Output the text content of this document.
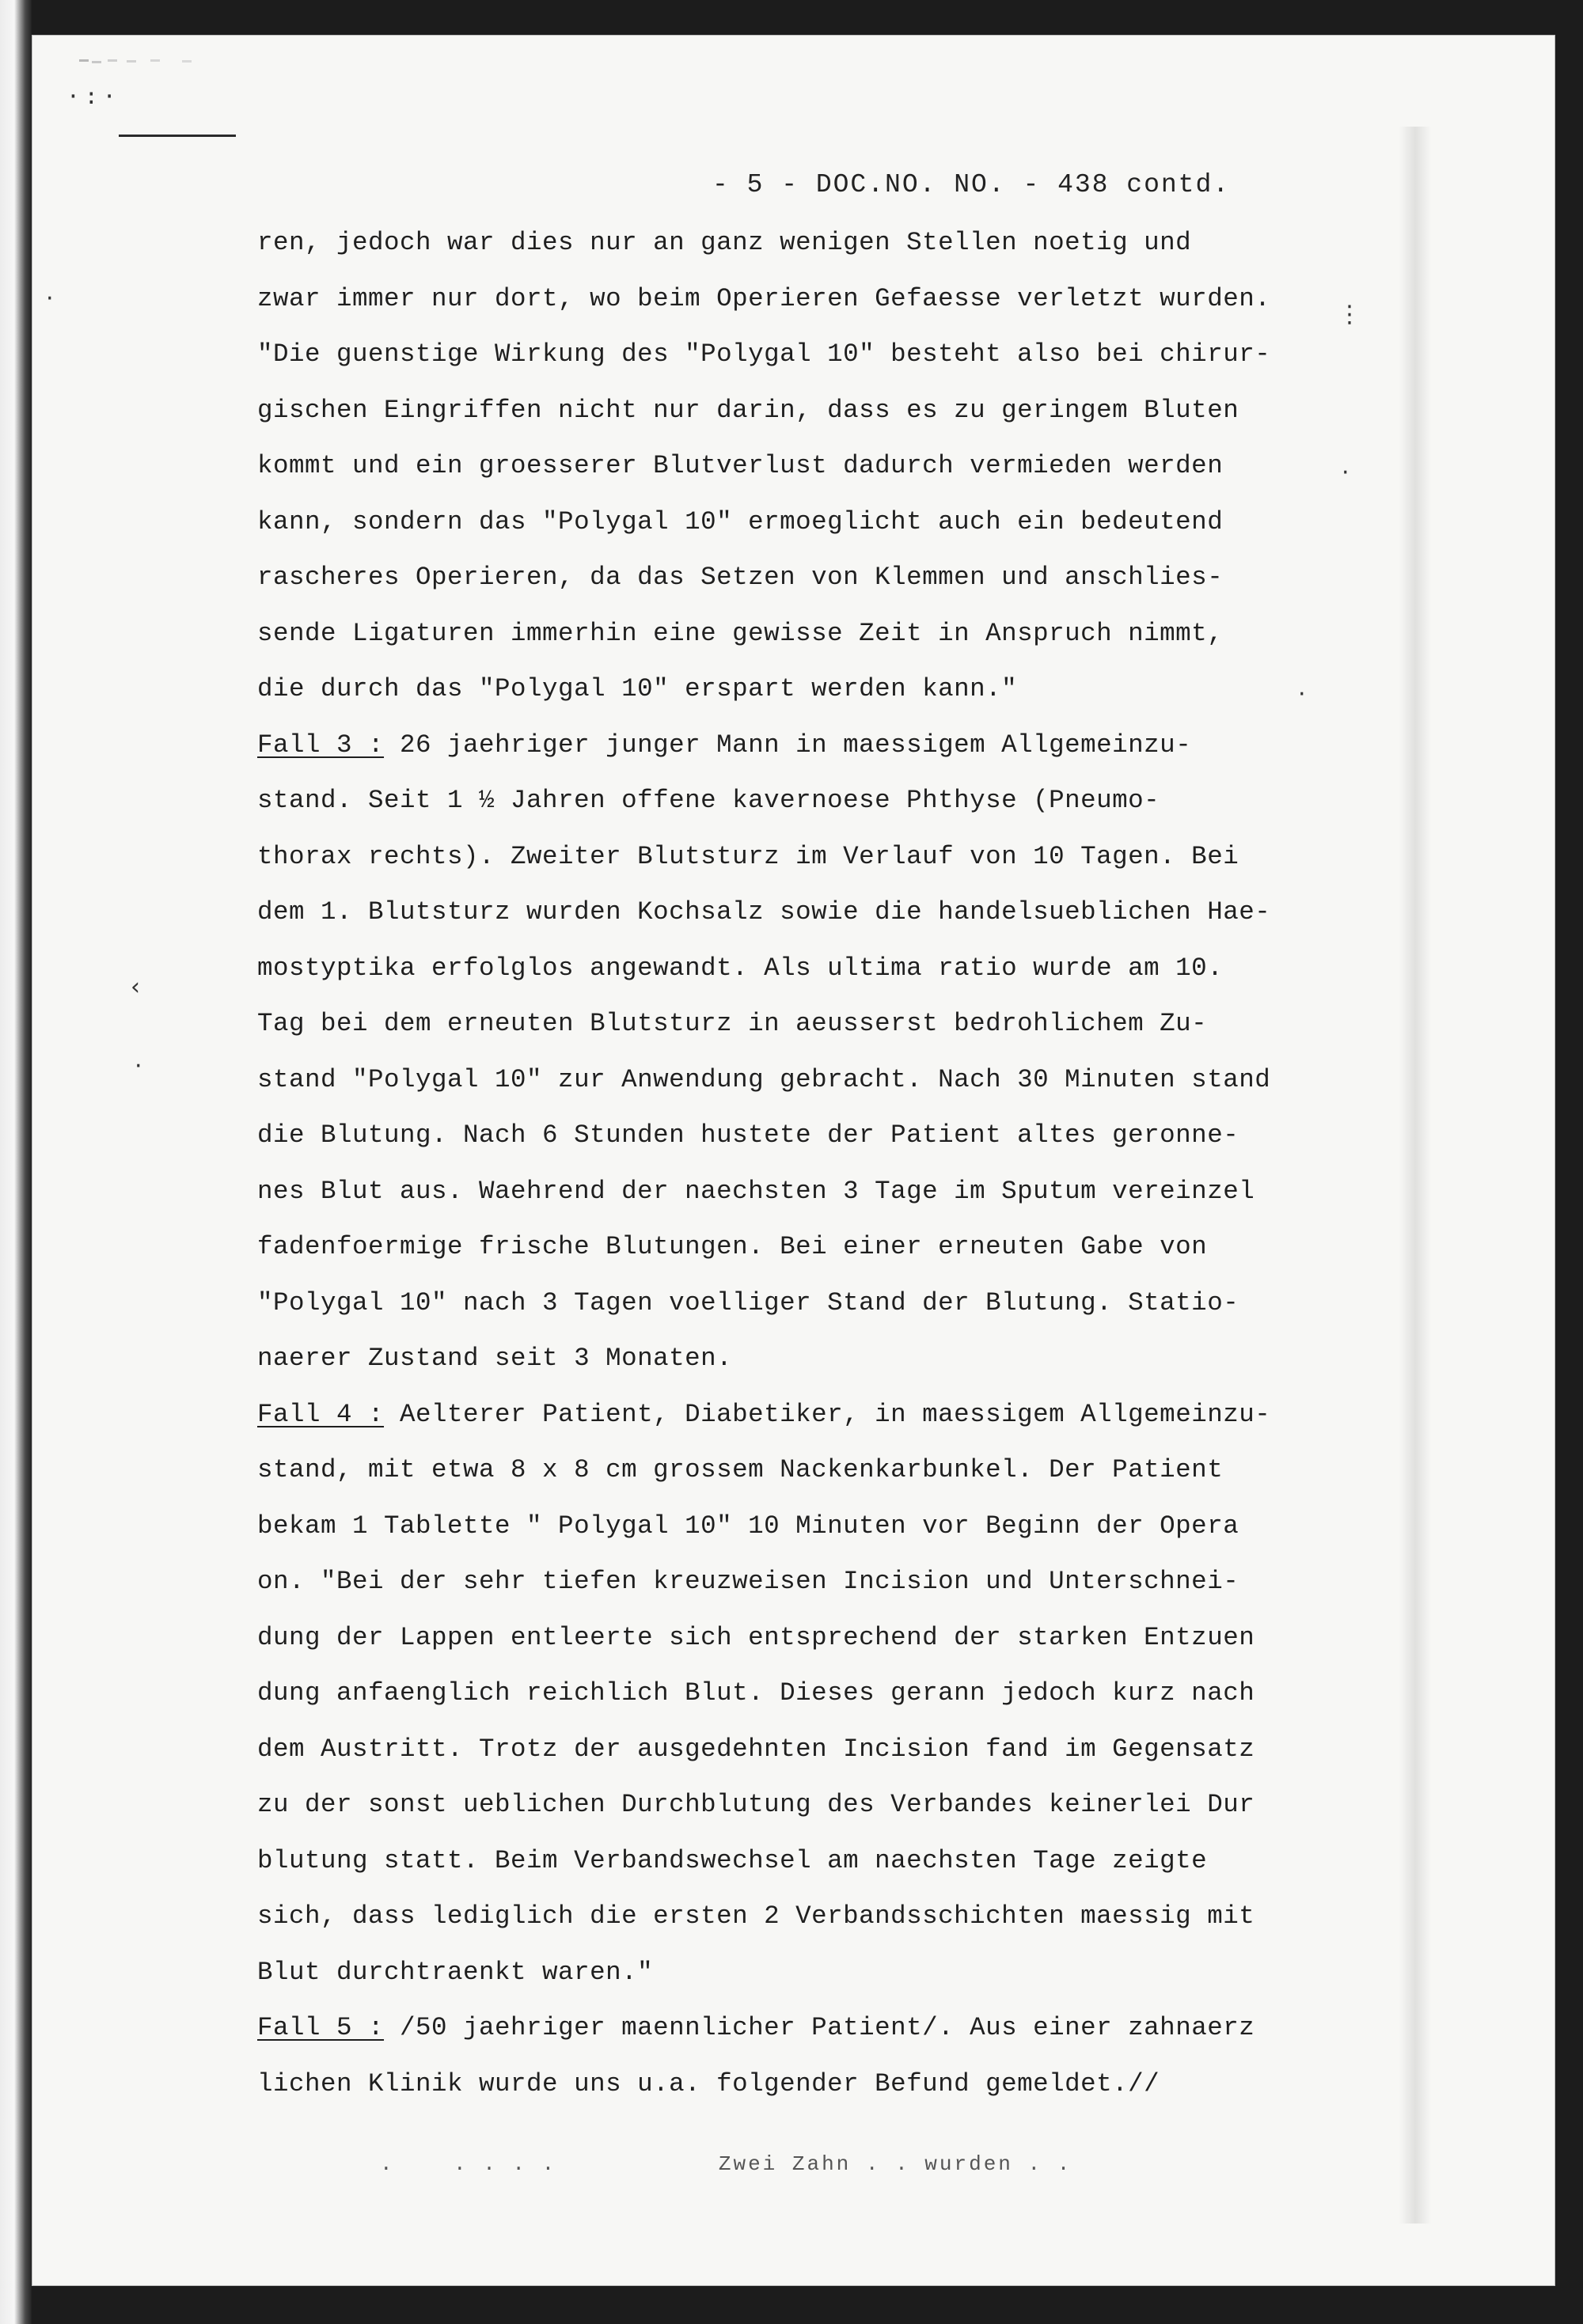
·:·
- 5 - DOC.NO. NO. - 438 contd.
ren, jedoch war dies nur an ganz wenigen Stellen noetig und
zwar immer nur dort, wo beim Operieren Gefaesse verletzt wurden.
"Die guenstige Wirkung des "Polygal 10" besteht also bei chirur-
gischen Eingriffen nicht nur darin, dass es zu geringem Bluten
kommt und ein groesserer Blutverlust dadurch vermieden werden
kann, sondern das "Polygal 10" ermoeglicht auch ein bedeutend
rascheres Operieren, da das Setzen von Klemmen und anschlies-
sende Ligaturen immerhin eine gewisse Zeit in Anspruch nimmt,
die durch das "Polygal 10" erspart werden kann."
Fall 3 : 26 jaehriger junger Mann in maessigem Allgemeinzu-
stand. Seit 1 ½ Jahren offene kavernoese Phthyse (Pneumo-
thorax rechts). Zweiter Blutsturz im Verlauf von 10 Tagen. Bei
dem 1. Blutsturz wurden Kochsalz sowie die handelsueblichen Hae-
mostyptika erfolglos angewandt. Als ultima ratio wurde am 10.
Tag bei dem erneuten Blutsturz in aeusserst bedrohlichem Zu-
stand "Polygal 10" zur Anwendung gebracht. Nach 30 Minuten stand
die Blutung. Nach 6 Stunden hustete der Patient altes geronne-
nes Blut aus. Waehrend der naechsten 3 Tage im Sputum vereinzel
fadenfoermige frische Blutungen. Bei einer erneuten Gabe von
"Polygal 10" nach 3 Tagen voelliger Stand der Blutung. Statio-
naerer Zustand seit 3 Monaten.
Fall 4 : Aelterer Patient, Diabetiker, in maessigem Allgemeinzu-
stand, mit etwa 8 x 8 cm grossem Nackenkarbunkel. Der Patient
bekam 1 Tablette " Polygal 10" 10 Minuten vor Beginn der Opera
on. "Bei der sehr tiefen kreuzweisen Incision und Unterschnei-
dung der Lappen entleerte sich entsprechend der starken Entzuen
dung anfaenglich reichlich Blut. Dieses gerann jedoch kurz nach
dem Austritt. Trotz der ausgedehnten Incision fand im Gegensatz
zu der sonst ueblichen Durchblutung des Verbandes keinerlei Dur
blutung statt. Beim Verbandswechsel am naechsten Tage zeigte
sich, dass lediglich die ersten 2 Verbandsschichten maessig mit
Blut durchtraenkt waren."
Fall 5 : /50 jaehriger maennlicher Patient/. Aus einer zahnaerz
lichen Klinik wurde uns u.a. folgender Befund gemeldet.//
·
‹
·
⋮
·
·
.    . . . .           Zwei Zahn . . wurden . .
